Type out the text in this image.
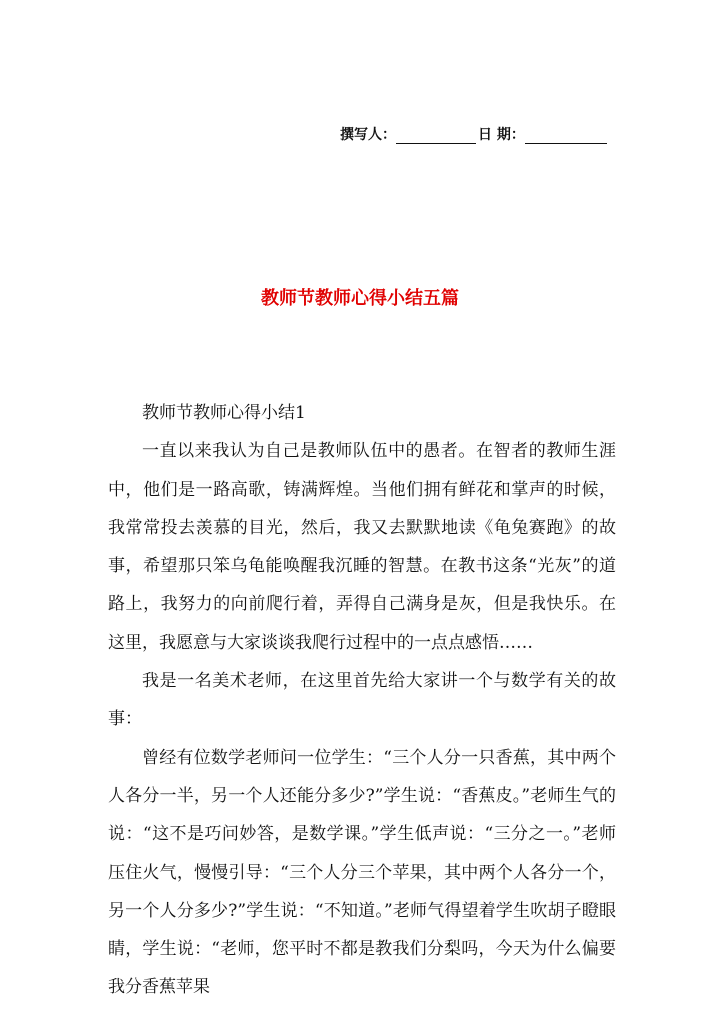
撰写人：	日 期：
教师节教师心得小结五篇

教师节教师心得小结1

一直以来我认为自己是教师队伍中的愚者。在智者的教师生涯中，他们是一路高歌，铸满辉煌。当他们拥有鲜花和掌声的时候，我常常投去羡慕的目光，然后，我又去默默地读《龟兔赛跑》的故事，希望那只笨乌龟能唤醒我沉睡的智慧。在教书这条“光灰”的道路上，我努力的向前爬行着，弄得自己满身是灰，但是我快乐。在这里，我愿意与大家谈谈我爬行过程中的一点点感悟……

我是一名美术老师，在这里首先给大家讲一个与数学有关的故事：

曾经有位数学老师问一位学生：“三个人分一只香蕉，其中两个人各分一半，另一个人还能分多少?”学生说：“香蕉皮。”老师生气的说：“这不是巧问妙答，是数学课。”学生低声说：“三分之一。”老师压住火气，慢慢引导：“三个人分三个苹果，其中两个人各分一个，另一个人分多少?”学生说：“不知道。”老师气得望着学生吹胡子瞪眼睛，学生说：“老师，您平时不都是教我们分梨吗，今天为什么偏要我分香蕉苹果
